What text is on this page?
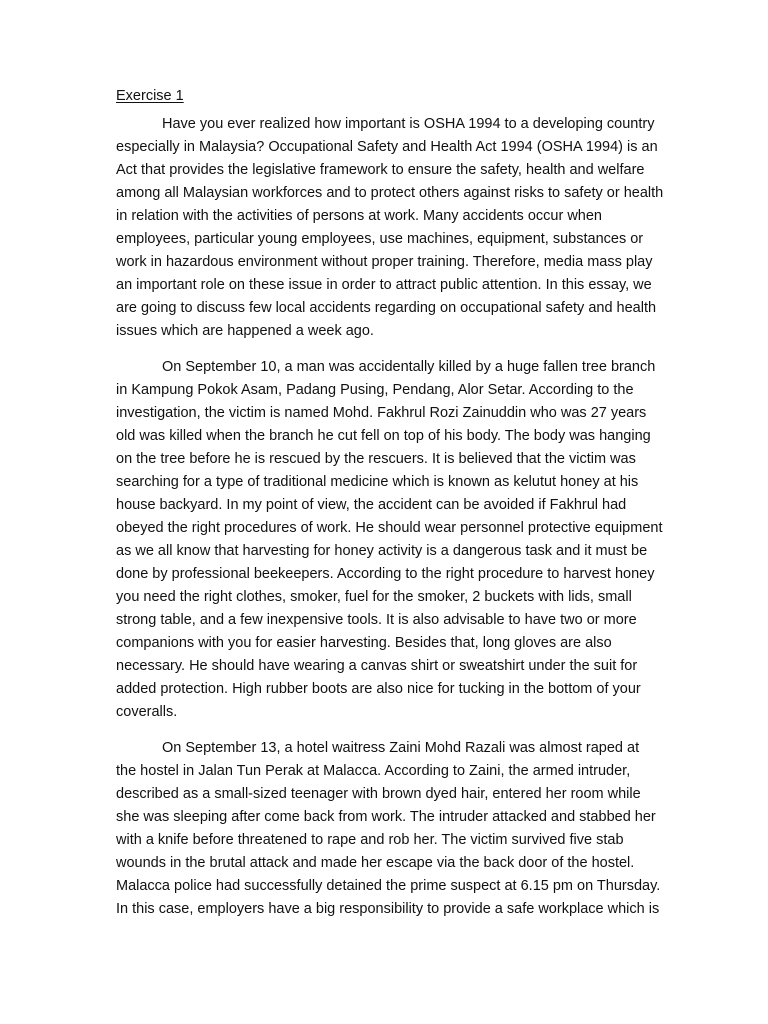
Exercise 1
Have you ever realized how important is OSHA 1994 to a developing country
especially in Malaysia? Occupational Safety and Health Act 1994 (OSHA 1994) is an
Act that provides the legislative framework to ensure the safety, health and welfare
among all Malaysian workforces and to protect others against risks to safety or health
in relation with the activities of persons at work. Many accidents occur when
employees, particular young employees, use machines, equipment, substances or
work in hazardous environment without proper training. Therefore, media mass play
an important role on these issue in order to attract public attention. In this essay, we
are going to discuss few local accidents regarding on occupational safety and health
issues which are happened a week ago.
On September 10, a man was accidentally killed by a huge fallen tree branch
in Kampung Pokok Asam, Padang Pusing, Pendang, Alor Setar. According to the
investigation, the victim is named Mohd. Fakhrul Rozi Zainuddin who was 27 years
old was killed when the branch he cut fell on top of his body. The body was hanging
on the tree before he is rescued by the rescuers. It is believed that the victim was
searching for a type of traditional medicine which is known as kelutut honey at his
house backyard. In my point of view, the accident can be avoided if Fakhrul had
obeyed the right procedures of work. He should wear personnel protective equipment
as we all know that harvesting for honey activity is a dangerous task and it must be
done by professional beekeepers. According to the right procedure to harvest honey
you need the right clothes, smoker, fuel for the smoker, 2 buckets with lids, small
strong table, and a few inexpensive tools. It is also advisable to have two or more
companions with you for easier harvesting. Besides that, long gloves are also
necessary. He should have wearing a canvas shirt or sweatshirt under the suit for
added protection. High rubber boots are also nice for tucking in the bottom of your
coveralls.
On September 13, a hotel waitress Zaini Mohd Razali was almost raped at
the hostel in Jalan Tun Perak at Malacca. According to Zaini, the armed intruder,
described as a small-sized teenager with brown dyed hair, entered her room while
she was sleeping after come back from work. The intruder attacked and stabbed her
with a knife before threatened to rape and rob her. The victim survived five stab
wounds in the brutal attack and made her escape via the back door of the hostel.
Malacca police had successfully detained the prime suspect at 6.15 pm on Thursday.
In this case, employers have a big responsibility to provide a safe workplace which is
